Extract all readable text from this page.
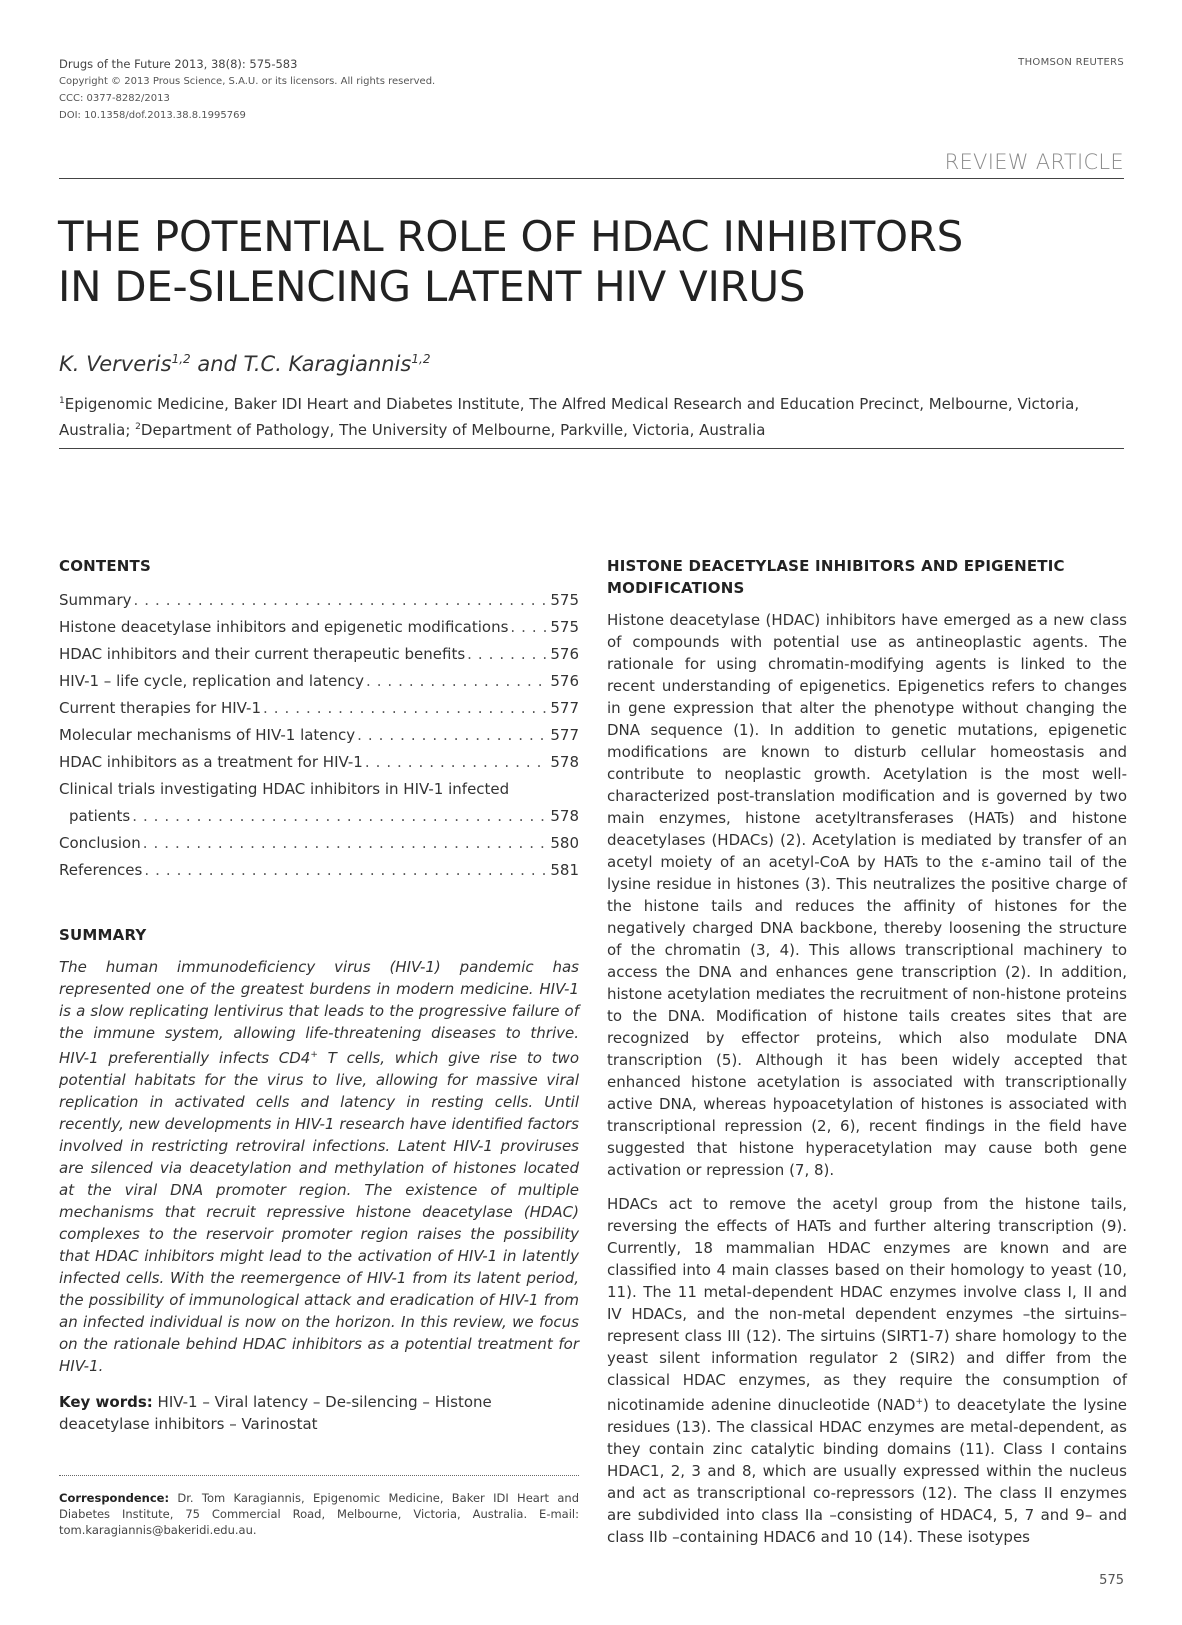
Drugs of the Future 2013, 38(8): 575-583
Copyright © 2013 Prous Science, S.A.U. or its licensors. All rights reserved.
CCC: 0377-8282/2013
DOI: 10.1358/dof.2013.38.8.1995769
THOMSON REUTERS
REVIEW ARTICLE
THE POTENTIAL ROLE OF HDAC INHIBITORS
IN DE-SILENCING LATENT HIV VIRUS
K. Ververis$^{1,2}$ and T.C. Karagiannis$^{1,2}$
$^1$Epigenomic Medicine, Baker IDI Heart and Diabetes Institute, The Alfred Medical Research and Education Precinct, Melbourne, Victoria, Australia; $^2$Department of Pathology, The University of Melbourne, Parkville, Victoria, Australia
CONTENTS
Summary . . .	575
Histone deacetylase inhibitors and epigenetic modifications . . .	575
HDAC inhibitors and their current therapeutic benefits . . .	576
HIV-1 – life cycle, replication and latency . . .	576
Current therapies for HIV-1 . . .	577
Molecular mechanisms of HIV-1 latency . . .	577
HDAC inhibitors as a treatment for HIV-1 . . .	578
Clinical trials investigating HDAC inhibitors in HIV-1 infected
patients . . .	578
Conclusion . . .	580
References . . .	581
SUMMARY

The human immunodeficiency virus (HIV-1) pandemic has represented one of the greatest burdens in modern medicine. HIV-1 is a slow replicating lentivirus that leads to the progressive failure of the immune system, allowing life-threatening diseases to thrive. HIV-1 preferentially infects CD4+ T cells, which give rise to two potential habitats for the virus to live, allowing for massive viral replication in activated cells and latency in resting cells. Until recently, new developments in HIV-1 research have identified factors involved in restricting retroviral infections. Latent HIV-1 proviruses are silenced via deacetylation and methylation of histones located at the viral DNA promoter region. The existence of multiple mechanisms that recruit repressive histone deacetylase (HDAC) complexes to the reservoir promoter region raises the possibility that HDAC inhibitors might lead to the activation of HIV-1 in latently infected cells. With the reemergence of HIV-1 from its latent period, the possibility of immunological attack and eradication of HIV-1 from an infected individual is now on the horizon. In this review, we focus on the rationale behind HDAC inhibitors as a potential treatment for HIV-1.

Key words: HIV-1 – Viral latency – De-silencing – Histone deacetylase inhibitors – Varinostat

Correspondence: Dr. Tom Karagiannis, Epigenomic Medicine, Baker IDI Heart and Diabetes Institute, 75 Commercial Road, Melbourne, Victoria, Australia. E-mail: tom.karagiannis@bakeridi.edu.au.

HISTONE DEACETYLASE INHIBITORS AND EPIGENETIC MODIFICATIONS

Histone deacetylase (HDAC) inhibitors have emerged as a new class of compounds with potential use as antineoplastic agents. The rationale for using chromatin-modifying agents is linked to the recent understanding of epigenetics. Epigenetics refers to changes in gene expression that alter the phenotype without changing the DNA sequence (1). In addition to genetic mutations, epigenetic modifications are known to disturb cellular homeostasis and contribute to neoplastic growth. Acetylation is the most well-characterized post-translation modification and is governed by two main enzymes, histone acetyltransferases (HATs) and histone deacetylases (HDACs) (2). Acetylation is mediated by transfer of an acetyl moiety of an acetyl-CoA by HATs to the ε-amino tail of the lysine residue in histones (3). This neutralizes the positive charge of the histone tails and reduces the affinity of histones for the negatively charged DNA backbone, thereby loosening the structure of the chromatin (3, 4). This allows transcriptional machinery to access the DNA and enhances gene transcription (2). In addition, histone acetylation mediates the recruitment of non-histone proteins to the DNA. Modification of histone tails creates sites that are recognized by effector proteins, which also modulate DNA transcription (5). Although it has been widely accepted that enhanced histone acetylation is associated with transcriptionally active DNA, whereas hypoacetylation of histones is associated with transcriptional repression (2, 6), recent findings in the field have suggested that histone hyperacetylation may cause both gene activation or repression (7, 8).

HDACs act to remove the acetyl group from the histone tails, reversing the effects of HATs and further altering transcription (9). Currently, 18 mammalian HDAC enzymes are known and are classified into 4 main classes based on their homology to yeast (10, 11). The 11 metal-dependent HDAC enzymes involve class I, II and IV HDACs, and the non-metal dependent enzymes –the sirtuins– represent class III (12). The sirtuins (SIRT1-7) share homology to the yeast silent information regulator 2 (SIR2) and differ from the classical HDAC enzymes, as they require the consumption of nicotinamide adenine dinucleotide (NAD+) to deacetylate the lysine residues (13). The classical HDAC enzymes are metal-dependent, as they contain zinc catalytic binding domains (11). Class I contains HDAC1, 2, 3 and 8, which are usually expressed within the nucleus and act as transcriptional co-repressors (12). The class II enzymes are subdivided into class IIa –consisting of HDAC4, 5, 7 and 9– and class IIb –containing HDAC6 and 10 (14). These isotypes

575
